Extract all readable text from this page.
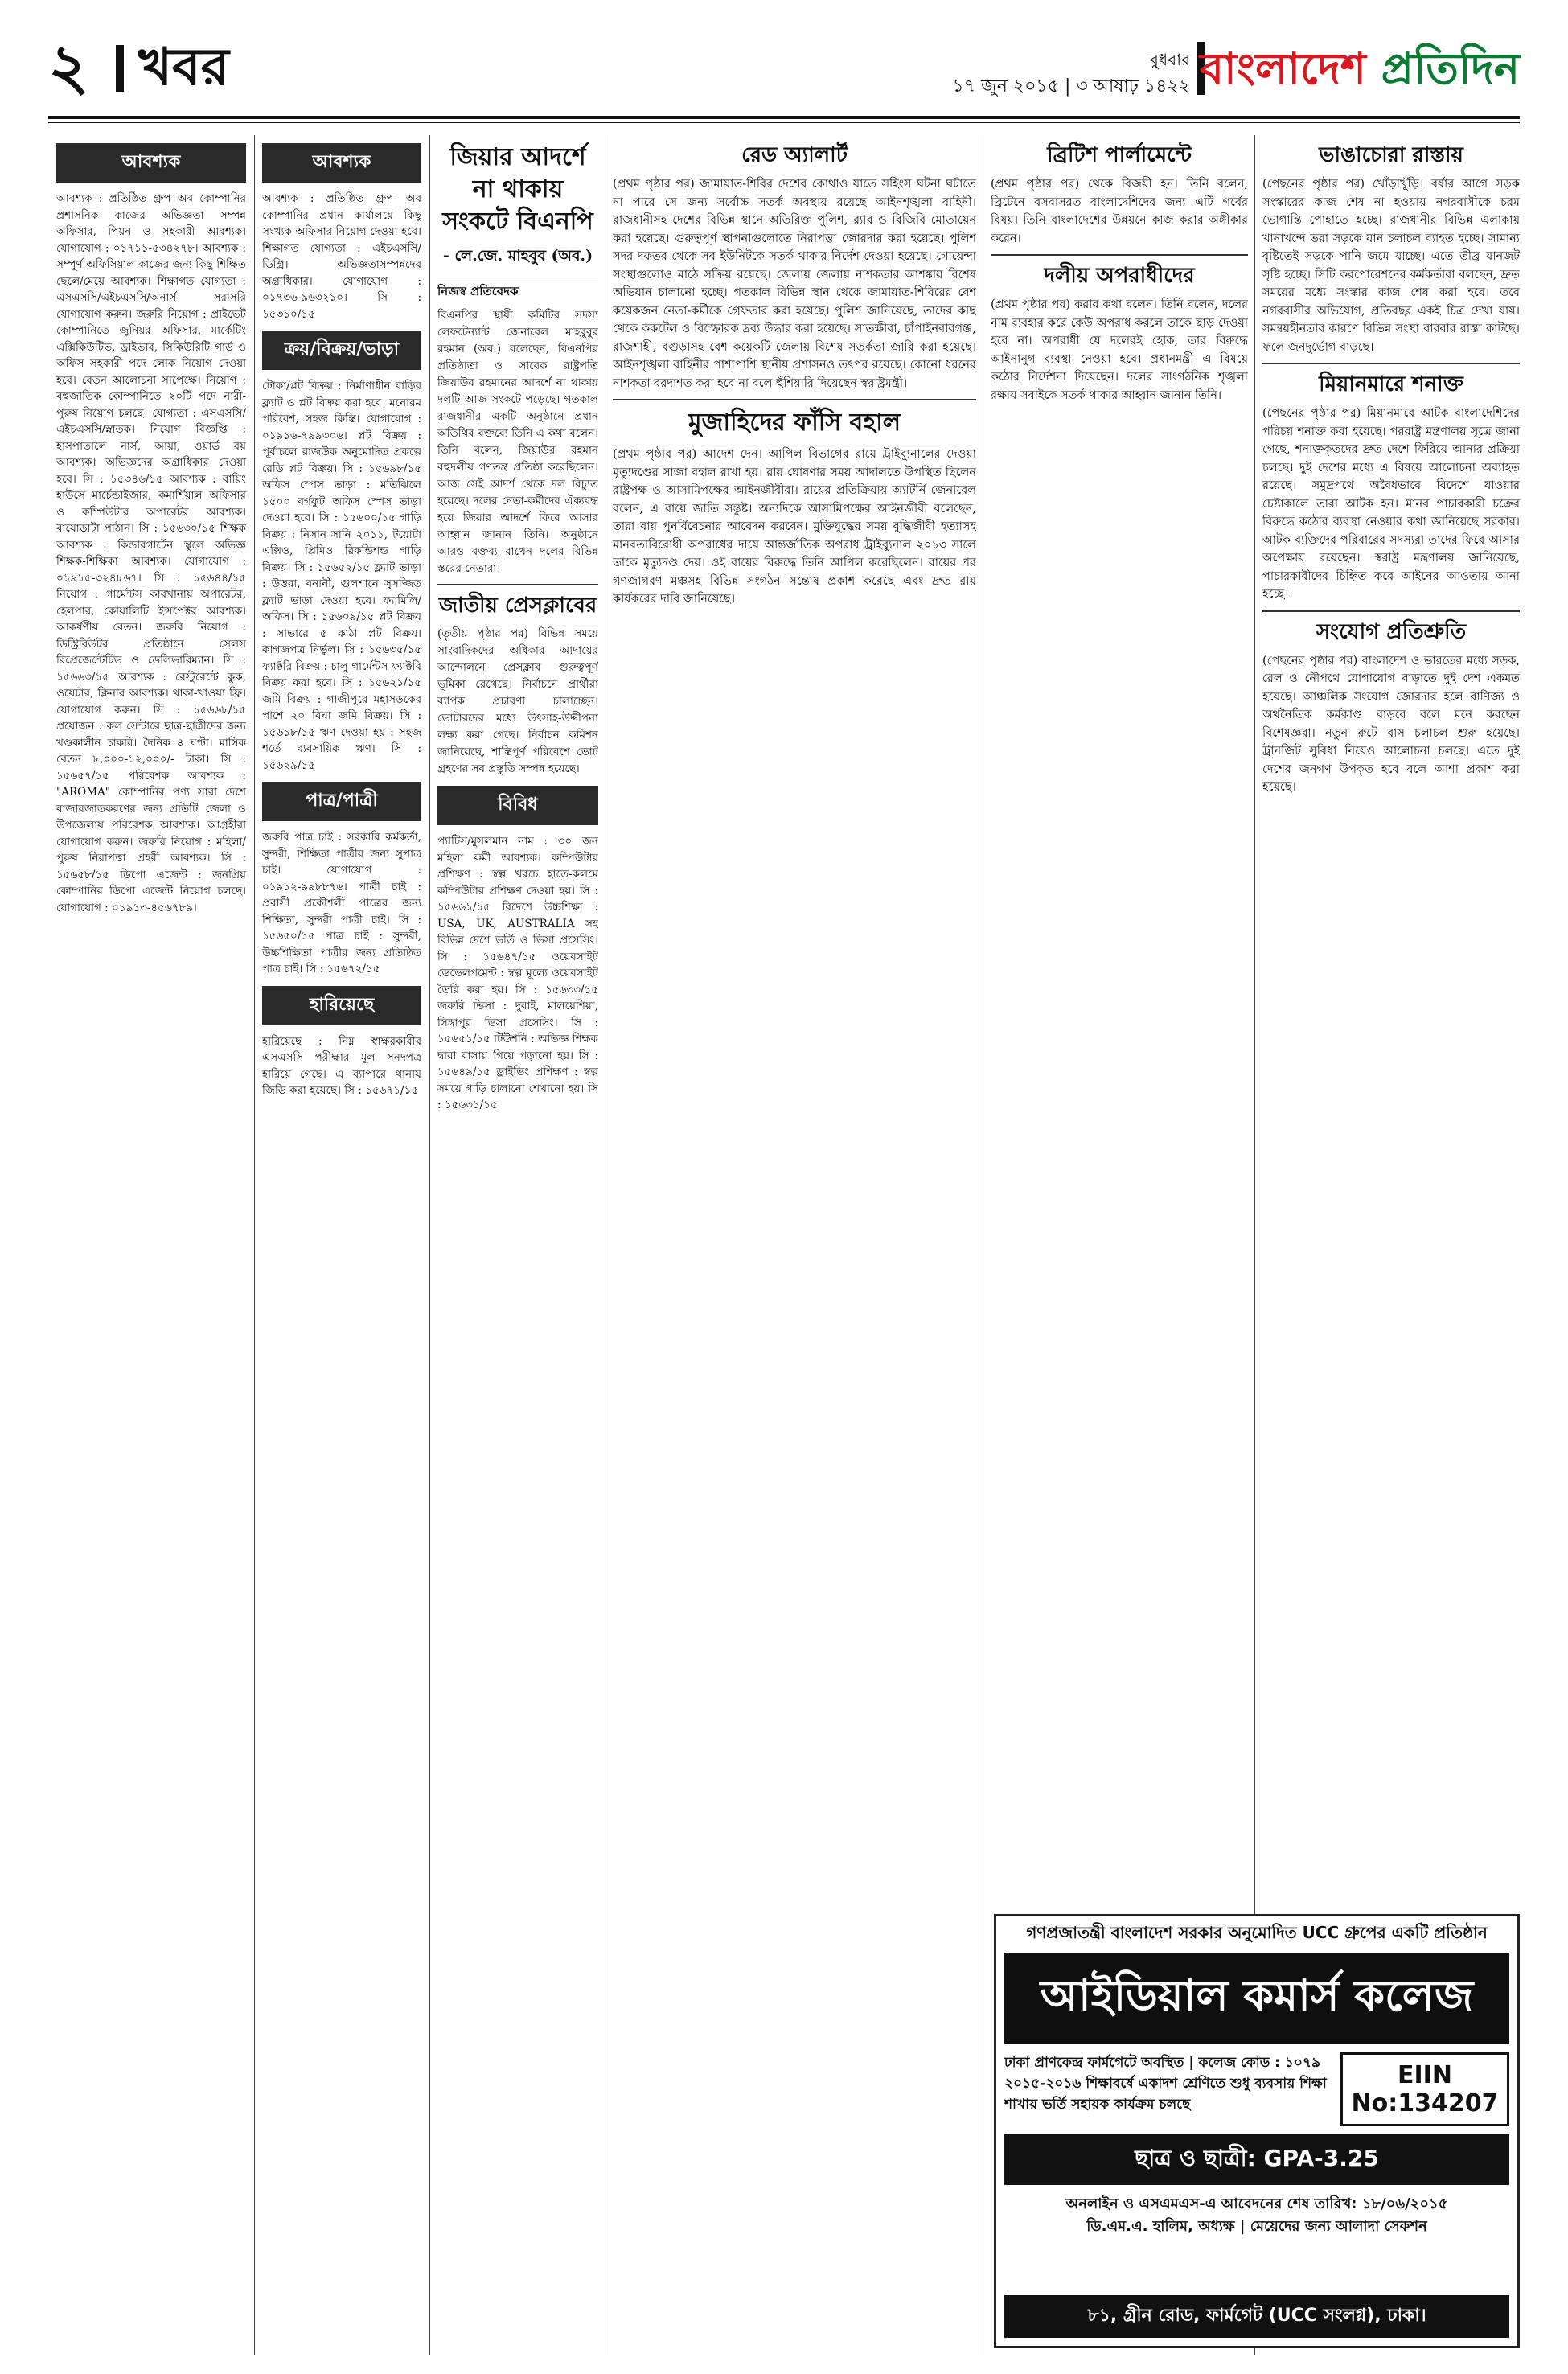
২ খবর	বুধবার
১৭ জুন ২০১৫ | ৩ আষাঢ় ১৪২২ বাংলাদেশ প্রতিদিন
আবশ্যক
আবশ্যক : প্রতিষ্ঠিত গ্রুপ অব কোম্পানির প্রশাসনিক কাজের অভিজ্ঞতা সম্পন্ন অফিসার, পিয়ন ও সহকারী আবশ্যক। যোগাযোগ : ০১৭১১-৫৩৪২৭৮। আবশ্যক : সম্পূর্ণ অফিসিয়াল কাজের জন্য কিছু শিক্ষিত ছেলে/মেয়ে আবশ্যক। শিক্ষাগত যোগ্যতা : এসএসসি/এইচএসসি/অনার্স। সরাসরি যোগাযোগ করুন। জরুরি নিয়োগ : প্রাইভেট কোম্পানিতে জুনিয়র অফিসার, মার্কেটিং এক্সিকিউটিভ, ড্রাইভার, সিকিউরিটি গার্ড ও অফিস সহকারী পদে লোক নিয়োগ দেওয়া হবে। বেতন আলোচনা সাপেক্ষে। নিয়োগ : বহুজাতিক কোম্পানিতে ২০টি পদে নারী-পুরুষ নিয়োগ চলছে। যোগ্যতা : এসএসসি/এইচএসসি/স্নাতক। নিয়োগ বিজ্ঞপ্তি : হাসপাতালে নার্স, আয়া, ওয়ার্ড বয় আবশ্যক। অভিজ্ঞদের অগ্রাধিকার দেওয়া হবে। সি : ১৫৩৪৬/১৫ আবশ্যক : বায়িং হাউসে মার্চেন্ডাইজার, কমার্শিয়াল অফিসার ও কম্পিউটার অপারেটর আবশ্যক। বায়োডাটা পাঠান। সি : ১৫৬৩০/১৫ শিক্ষক আবশ্যক : কিন্ডারগার্টেন স্কুলে অভিজ্ঞ শিক্ষক-শিক্ষিকা আবশ্যক। যোগাযোগ : ০১৯১৫-৩২৪৮৬৭। সি : ১৫৬৪৪/১৫ নিয়োগ : গার্মেন্টস কারখানায় অপারেটর, হেলপার, কোয়ালিটি ইন্সপেক্টর আবশ্যক। আকর্ষণীয় বেতন। জরুরি নিয়োগ : ডিস্ট্রিবিউটর প্রতিষ্ঠানে সেলস রিপ্রেজেন্টেটিভ ও ডেলিভারিম্যান। সি : ১৫৬৬৩/১৫ আবশ্যক : রেস্টুরেন্টে কুক, ওয়েটার, ক্লিনার আবশ্যক। থাকা-খাওয়া ফ্রি। যোগাযোগ করুন। সি : ১৫৬৬৮/১৫ প্রয়োজন : কল সেন্টারে ছাত্র-ছাত্রীদের জন্য খণ্ডকালীন চাকরি। দৈনিক ৪ ঘণ্টা। মাসিক বেতন ৮,০০০-১২,০০০/- টাকা। সি : ১৫৬৫৭/১৫ পরিবেশক আবশ্যক : "AROMA" কোম্পানির পণ্য সারা দেশে বাজারজাতকরণের জন্য প্রতিটি জেলা ও উপজেলায় পরিবেশক আবশ্যক। আগ্রহীরা যোগাযোগ করুন। জরুরি নিয়োগ : মহিলা/পুরুষ নিরাপত্তা প্রহরী আবশ্যক। সি : ১৫৬৫৮/১৫ ডিপো এজেন্ট : জনপ্রিয় কোম্পানির ডিপো এজেন্ট নিয়োগ চলছে। যোগাযোগ : ০১৯১৩-৪৫৬৭৮৯।
আবশ্যক
আবশ্যক : প্রতিষ্ঠিত গ্রুপ অব কোম্পানির প্রধান কার্যালয়ে কিছু সংখ্যক অফিসার নিয়োগ দেওয়া হবে। শিক্ষাগত যোগ্যতা : এইচএসসি/ডিগ্রি। অভিজ্ঞতাসম্পন্নদের অগ্রাধিকার। যোগাযোগ : ০১৭৩৬-৯৬৩২১০। সি : ১৫৩১০/১৫
ক্রয়/বিক্রয়/ভাড়া
টোকা/প্লট বিক্রয় : নির্মাণাধীন বাড়ির ফ্ল্যাট ও প্লট বিক্রয় করা হবে। মনোরম পরিবেশ, সহজ কিস্তি। যোগাযোগ : ০১৯১৬-৭৯৯৩০৬। প্লট বিক্রয় : পূর্বাচলে রাজউক অনুমোদিত প্রকল্পে রেডি প্লট বিক্রয়। সি : ১৫৬৯৮/১৫ অফিস স্পেস ভাড়া : মতিঝিলে ১৫০০ বর্গফুট অফিস স্পেস ভাড়া দেওয়া হবে। সি : ১৫৬০০/১৫ গাড়ি বিক্রয় : নিসান সানি ২০১১, টয়োটা এক্সিও, প্রিমিও রিকন্ডিশন্ড গাড়ি বিক্রয়। সি : ১৫৬৫২/১৫ ফ্ল্যাট ভাড়া : উত্তরা, বনানী, গুলশানে সুসজ্জিত ফ্ল্যাট ভাড়া দেওয়া হবে। ফ্যামিলি/অফিস। সি : ১৫৬০৯/১৫ প্লট বিক্রয় : সাভারে ৫ কাঠা প্লট বিক্রয়। কাগজপত্র নির্ভুল। সি : ১৫৬৩৫/১৫ ফ্যাক্টরি বিক্রয় : চালু গার্মেন্টস ফ্যাক্টরি বিক্রয় করা হবে। সি : ১৫৬২১/১৫ জমি বিক্রয় : গাজীপুরে মহাসড়কের পাশে ২০ বিঘা জমি বিক্রয়। সি : ১৫৬১৮/১৫ ঋণ দেওয়া হয় : সহজ শর্তে ব্যবসায়িক ঋণ। সি : ১৫৬২৯/১৫
পাত্র/পাত্রী
জরুরি পাত্র চাই : সরকারি কর্মকর্তা, সুন্দরী, শিক্ষিতা পাত্রীর জন্য সুপাত্র চাই। যোগাযোগ : ০১৯১২-৯৯৮৮৭৬। পাত্রী চাই : প্রবাসী প্রকৌশলী পাত্রের জন্য শিক্ষিতা, সুন্দরী পাত্রী চাই। সি : ১৫৬৫০/১৫ পাত্র চাই : সুন্দরী, উচ্চশিক্ষিতা পাত্রীর জন্য প্রতিষ্ঠিত পাত্র চাই। সি : ১৫৬৭২/১৫
হারিয়েছে
হারিয়েছে : নিম্ন স্বাক্ষরকারীর এসএসসি পরীক্ষার মূল সনদপত্র হারিয়ে গেছে। এ ব্যাপারে থানায় জিডি করা হয়েছে। সি : ১৫৬৭১/১৫
জিয়ার আদর্শে না থাকায় সংকটে বিএনপি
- লে.জে. মাহবুব (অব.)
নিজস্ব প্রতিবেদক
বিএনপির স্থায়ী কমিটির সদস্য লেফটেন্যান্ট জেনারেল মাহবুবুর রহমান (অব.) বলেছেন, বিএনপির প্রতিষ্ঠাতা ও সাবেক রাষ্ট্রপতি জিয়াউর রহমানের আদর্শে না থাকায় দলটি আজ সংকটে পড়েছে। গতকাল রাজধানীর একটি অনুষ্ঠানে প্রধান অতিথির বক্তব্যে তিনি এ কথা বলেন। তিনি বলেন, জিয়াউর রহমান বহুদলীয় গণতন্ত্র প্রতিষ্ঠা করেছিলেন। আজ সেই আদর্শ থেকে দল বিচ্যুত হয়েছে। দলের নেতা-কর্মীদের ঐক্যবদ্ধ হয়ে জিয়ার আদর্শে ফিরে আসার আহ্বান জানান তিনি। অনুষ্ঠানে আরও বক্তব্য রাখেন দলের বিভিন্ন স্তরের নেতারা।
জাতীয় প্রেসক্লাবের
(তৃতীয় পৃষ্ঠার পর) বিভিন্ন সময়ে সাংবাদিকদের অধিকার আদায়ের আন্দোলনে প্রেসক্লাব গুরুত্বপূর্ণ ভূমিকা রেখেছে। নির্বাচনে প্রার্থীরা ব্যাপক প্রচারণা চালাচ্ছেন। ভোটারদের মধ্যে উৎসাহ-উদ্দীপনা লক্ষ্য করা গেছে। নির্বাচন কমিশন জানিয়েছে, শান্তিপূর্ণ পরিবেশে ভোট গ্রহণের সব প্রস্তুতি সম্পন্ন হয়েছে।
বিবিধ
প্যাটিস/মুসলমান নাম : ৩০ জন মহিলা কর্মী আবশ্যক। কম্পিউটার প্রশিক্ষণ : স্বল্প খরচে হাতে-কলমে কম্পিউটার প্রশিক্ষণ দেওয়া হয়। সি : ১৫৬৬১/১৫ বিদেশে উচ্চশিক্ষা : USA, UK, AUSTRALIA সহ বিভিন্ন দেশে ভর্তি ও ভিসা প্রসেসিং। সি : ১৫৬৪৭/১৫ ওয়েবসাইট ডেভেলপমেন্ট : স্বল্প মূল্যে ওয়েবসাইট তৈরি করা হয়। সি : ১৫৬৩৩/১৫ জরুরি ভিসা : দুবাই, মালয়েশিয়া, সিঙ্গাপুর ভিসা প্রসেসিং। সি : ১৫৬৫১/১৫ টিউশনি : অভিজ্ঞ শিক্ষক দ্বারা বাসায় গিয়ে পড়ানো হয়। সি : ১৫৬৪৯/১৫ ড্রাইভিং প্রশিক্ষণ : স্বল্প সময়ে গাড়ি চালানো শেখানো হয়। সি : ১৫৬৩১/১৫
রেড অ্যালার্ট
(প্রথম পৃষ্ঠার পর) জামায়াত-শিবির দেশের কোথাও যাতে সহিংস ঘটনা ঘটাতে না পারে সে জন্য সর্বোচ্চ সতর্ক অবস্থায় রয়েছে আইনশৃঙ্খলা বাহিনী। রাজধানীসহ দেশের বিভিন্ন স্থানে অতিরিক্ত পুলিশ, র‌্যাব ও বিজিবি মোতায়েন করা হয়েছে। গুরুত্বপূর্ণ স্থাপনাগুলোতে নিরাপত্তা জোরদার করা হয়েছে। পুলিশ সদর দফতর থেকে সব ইউনিটকে সতর্ক থাকার নির্দেশ দেওয়া হয়েছে। গোয়েন্দা সংস্থাগুলোও মাঠে সক্রিয় রয়েছে। জেলায় জেলায় নাশকতার আশঙ্কায় বিশেষ অভিযান চালানো হচ্ছে। গতকাল বিভিন্ন স্থান থেকে জামায়াত-শিবিরের বেশ কয়েকজন নেতা-কর্মীকে গ্রেফতার করা হয়েছে। পুলিশ জানিয়েছে, তাদের কাছ থেকে ককটেল ও বিস্ফোরক দ্রব্য উদ্ধার করা হয়েছে। সাতক্ষীরা, চাঁপাইনবাবগঞ্জ, রাজশাহী, বগুড়াসহ বেশ কয়েকটি জেলায় বিশেষ সতর্কতা জারি করা হয়েছে। আইনশৃঙ্খলা বাহিনীর পাশাপাশি স্থানীয় প্রশাসনও তৎপর রয়েছে। কোনো ধরনের নাশকতা বরদাশত করা হবে না বলে হুঁশিয়ারি দিয়েছেন স্বরাষ্ট্রমন্ত্রী।
মুজাহিদের ফাঁসি বহাল
(প্রথম পৃষ্ঠার পর) আদেশ দেন। আপিল বিভাগের রায়ে ট্রাইব্যুনালের দেওয়া মৃত্যুদণ্ডের সাজা বহাল রাখা হয়। রায় ঘোষণার সময় আদালতে উপস্থিত ছিলেন রাষ্ট্রপক্ষ ও আসামিপক্ষের আইনজীবীরা। রায়ের প্রতিক্রিয়ায় অ্যাটর্নি জেনারেল বলেন, এ রায়ে জাতি সন্তুষ্ট। অন্যদিকে আসামিপক্ষের আইনজীবী বলেছেন, তারা রায় পুনর্বিবেচনার আবেদন করবেন। মুক্তিযুদ্ধের সময় বুদ্ধিজীবী হত্যাসহ মানবতাবিরোধী অপরাধের দায়ে আন্তর্জাতিক অপরাধ ট্রাইব্যুনাল ২০১৩ সালে তাকে মৃত্যুদণ্ড দেয়। ওই রায়ের বিরুদ্ধে তিনি আপিল করেছিলেন। রায়ের পর গণজাগরণ মঞ্চসহ বিভিন্ন সংগঠন সন্তোষ প্রকাশ করেছে এবং দ্রুত রায় কার্যকরের দাবি জানিয়েছে।
ব্রিটিশ পার্লামেন্টে
(প্রথম পৃষ্ঠার পর) থেকে বিজয়ী হন। তিনি বলেন, ব্রিটেনে বসবাসরত বাংলাদেশিদের জন্য এটি গর্বের বিষয়। তিনি বাংলাদেশের উন্নয়নে কাজ করার অঙ্গীকার করেন।
দলীয় অপরাধীদের
(প্রথম পৃষ্ঠার পর) করার কথা বলেন। তিনি বলেন, দলের নাম ব্যবহার করে কেউ অপরাধ করলে তাকে ছাড় দেওয়া হবে না। অপরাধী যে দলেরই হোক, তার বিরুদ্ধে আইনানুগ ব্যবস্থা নেওয়া হবে। প্রধানমন্ত্রী এ বিষয়ে কঠোর নির্দেশনা দিয়েছেন। দলের সাংগঠনিক শৃঙ্খলা রক্ষায় সবাইকে সতর্ক থাকার আহ্বান জানান তিনি।
ভাঙাচোরা রাস্তায়
(পেছনের পৃষ্ঠার পর) খোঁড়াখুঁড়ি। বর্ষার আগে সড়ক সংস্কারের কাজ শেষ না হওয়ায় নগরবাসীকে চরম ভোগান্তি পোহাতে হচ্ছে। রাজধানীর বিভিন্ন এলাকায় খানাখন্দে ভরা সড়কে যান চলাচল ব্যাহত হচ্ছে। সামান্য বৃষ্টিতেই সড়কে পানি জমে যাচ্ছে। এতে তীব্র যানজট সৃষ্টি হচ্ছে। সিটি করপোরেশনের কর্মকর্তারা বলছেন, দ্রুত সময়ের মধ্যে সংস্কার কাজ শেষ করা হবে। তবে নগরবাসীর অভিযোগ, প্রতিবছর একই চিত্র দেখা যায়। সমন্বয়হীনতার কারণে বিভিন্ন সংস্থা বারবার রাস্তা কাটছে। ফলে জনদুর্ভোগ বাড়ছে।
মিয়ানমারে শনাক্ত
(পেছনের পৃষ্ঠার পর) মিয়ানমারে আটক বাংলাদেশিদের পরিচয় শনাক্ত করা হয়েছে। পররাষ্ট্র মন্ত্রণালয় সূত্রে জানা গেছে, শনাক্তকৃতদের দ্রুত দেশে ফিরিয়ে আনার প্রক্রিয়া চলছে। দুই দেশের মধ্যে এ বিষয়ে আলোচনা অব্যাহত রয়েছে। সমুদ্রপথে অবৈধভাবে বিদেশে যাওয়ার চেষ্টাকালে তারা আটক হন। মানব পাচারকারী চক্রের বিরুদ্ধে কঠোর ব্যবস্থা নেওয়ার কথা জানিয়েছে সরকার। আটক ব্যক্তিদের পরিবারের সদস্যরা তাদের ফিরে আসার অপেক্ষায় রয়েছেন। স্বরাষ্ট্র মন্ত্রণালয় জানিয়েছে, পাচারকারীদের চিহ্নিত করে আইনের আওতায় আনা হচ্ছে।
সংযোগ প্রতিশ্রুতি
(পেছনের পৃষ্ঠার পর) বাংলাদেশ ও ভারতের মধ্যে সড়ক, রেল ও নৌপথে যোগাযোগ বাড়াতে দুই দেশ একমত হয়েছে। আঞ্চলিক সংযোগ জোরদার হলে বাণিজ্য ও অর্থনৈতিক কর্মকাণ্ড বাড়বে বলে মনে করছেন বিশেষজ্ঞরা। নতুন রুটে বাস চলাচল শুরু হয়েছে। ট্রানজিট সুবিধা নিয়েও আলোচনা চলছে। এতে দুই দেশের জনগণ উপকৃত হবে বলে আশা প্রকাশ করা হয়েছে।
গণপ্রজাতন্ত্রী বাংলাদেশ সরকার অনুমোদিত UCC গ্রুপের একটি প্রতিষ্ঠান
আইডিয়াল কমার্স কলেজ
ঢাকা প্রাণকেন্দ্র ফার্মগেটে অবস্থিত | কলেজ কোড : ১০৭৯
২০১৫-২০১৬ শিক্ষাবর্ষে একাদশ শ্রেণিতে শুধু ব্যবসায় শিক্ষা শাখায় ভর্তি সহায়ক কার্যক্রম চলছে
EIIN No:134207
ছাত্র ও ছাত্রী: GPA-3.25
অনলাইন ও এসএমএস-এ আবেদনের শেষ তারিখ: ১৮/০৬/২০১৫
ডি.এম.এ. হালিম, অধ্যক্ষ | মেয়েদের জন্য আলাদা সেকশন
৮১, গ্রীন রোড, ফার্মগেট (UCC সংলগ্ন), ঢাকা।
